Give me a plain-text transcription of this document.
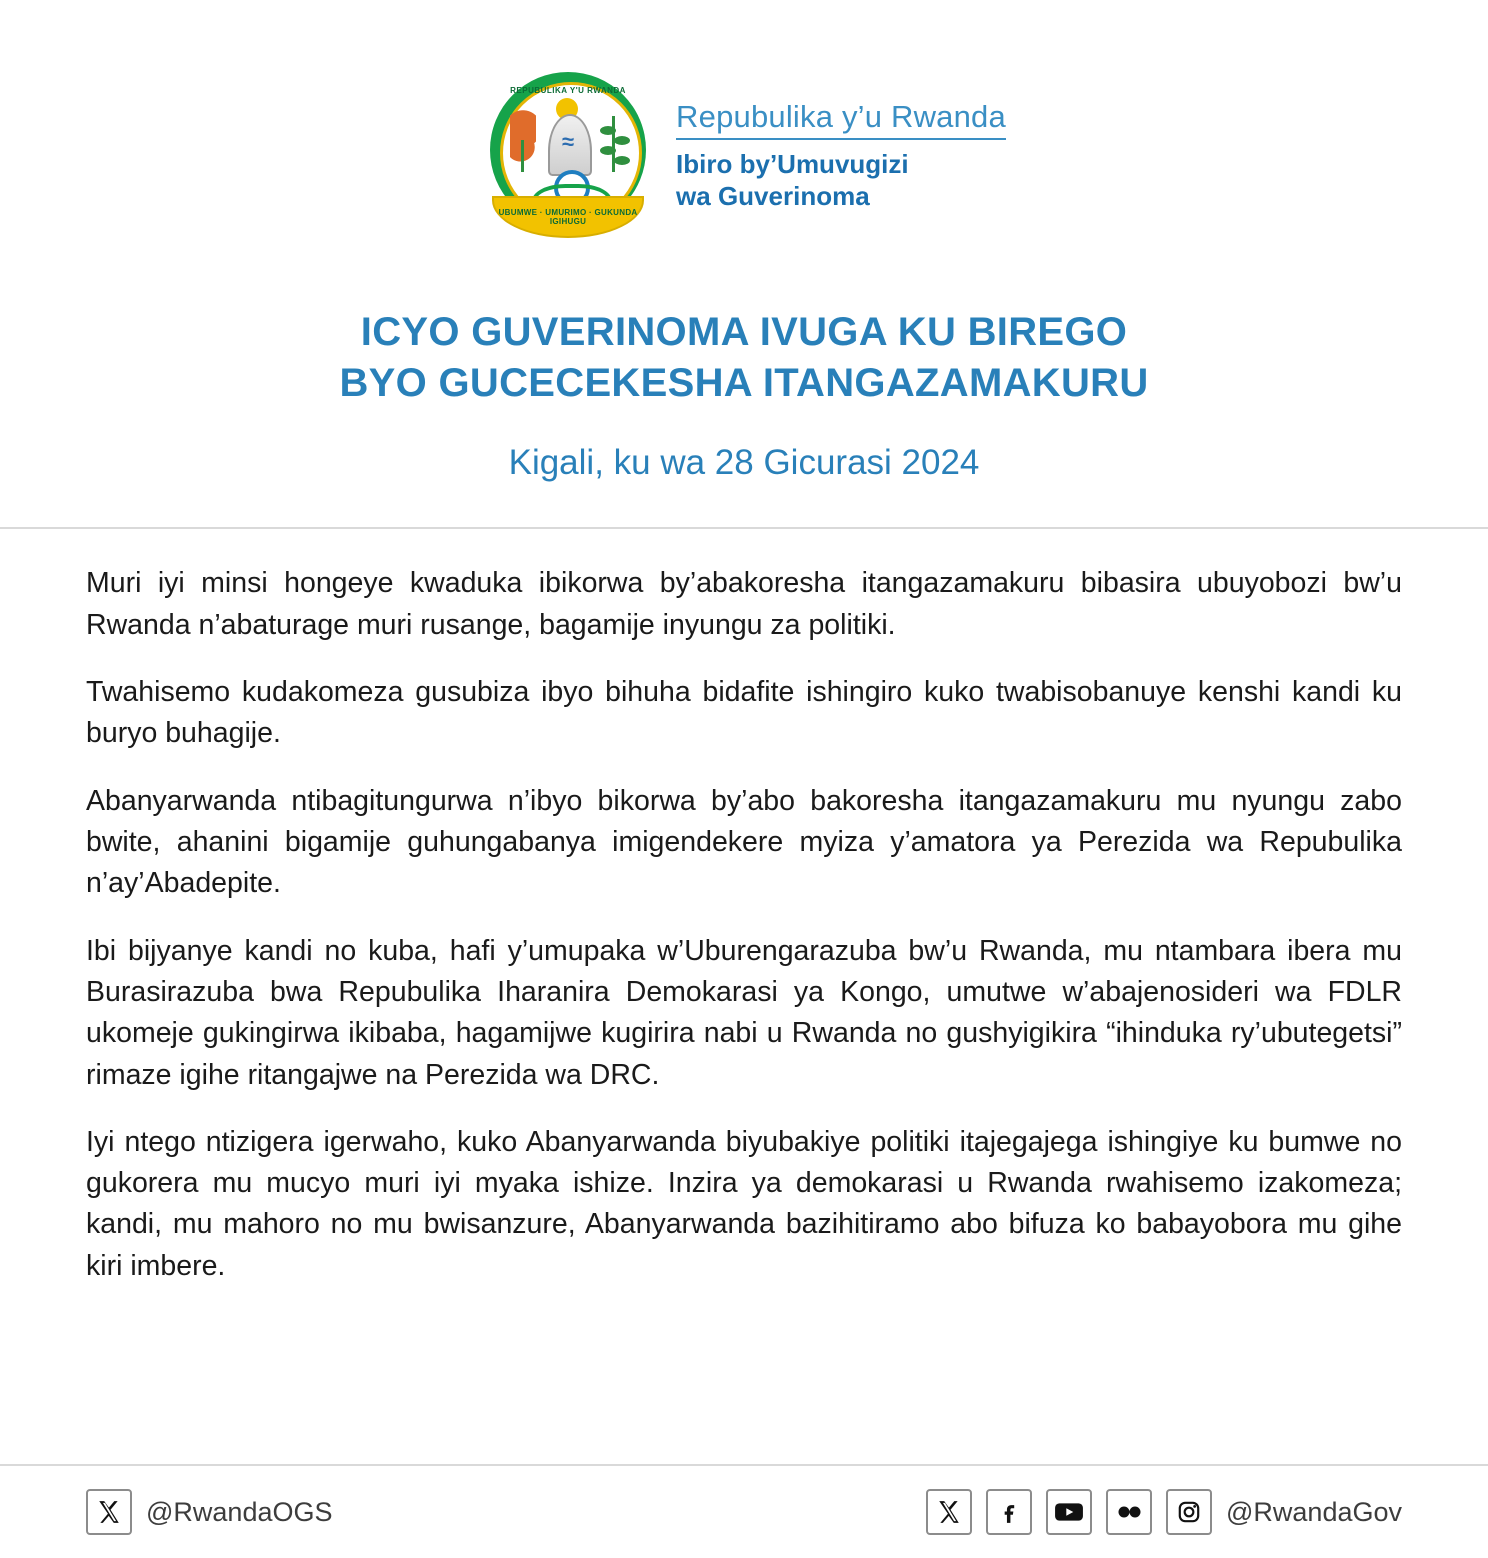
REPUBULIKA Y'U RWANDA
≈
UBUMWE · UMURIMO · GUKUNDA IGIHUGU
Repubulika y’u Rwanda
Ibiro by’Umuvugizi
wa Guverinoma
ICYO GUVERINOMA IVUGA KU BIREGO
BYO GUCECEKESHA ITANGAZAMAKURU
Kigali, ku wa 28 Gicurasi 2024

Muri iyi minsi hongeye kwaduka ibikorwa by’abakoresha itangazamakuru bibasira ubuyobozi bw’u Rwanda n’abaturage muri rusange, bagamije inyungu za politiki.

Twahisemo kudakomeza gusubiza ibyo bihuha bidafite ishingiro kuko twabisobanuye kenshi kandi ku buryo buhagije.

Abanyarwanda ntibagitungurwa n’ibyo bikorwa by’abo bakoresha itangazamakuru mu nyungu zabo bwite, ahanini bigamije guhungabanya imigendekere myiza y’amatora ya Perezida wa Repubulika n’ay’Abadepite.

Ibi bijyanye kandi no kuba, hafi y’umupaka w’Uburengarazuba bw’u Rwanda, mu ntambara ibera mu Burasirazuba bwa Repubulika Iharanira Demokarasi ya Kongo, umutwe w’abajenosideri wa FDLR ukomeje gukingirwa ikibaba, hagamijwe kugirira nabi u Rwanda no gushyigikira “ihinduka ry’ubutegetsi” rimaze igihe ritangajwe na Perezida wa DRC.

Iyi ntego ntizigera igerwaho, kuko Abanyarwanda biyubakiye politiki itajegajega ishingiye ku bumwe no gukorera mu mucyo muri iyi myaka ishize. Inzira ya demokarasi u Rwanda rwahisemo izakomeza; kandi, mu mahoro no mu bwisanzure, Abanyarwanda bazihitiramo abo bifuza ko babayobora mu gihe kiri imbere.

@RwandaOGS	@RwandaGov
